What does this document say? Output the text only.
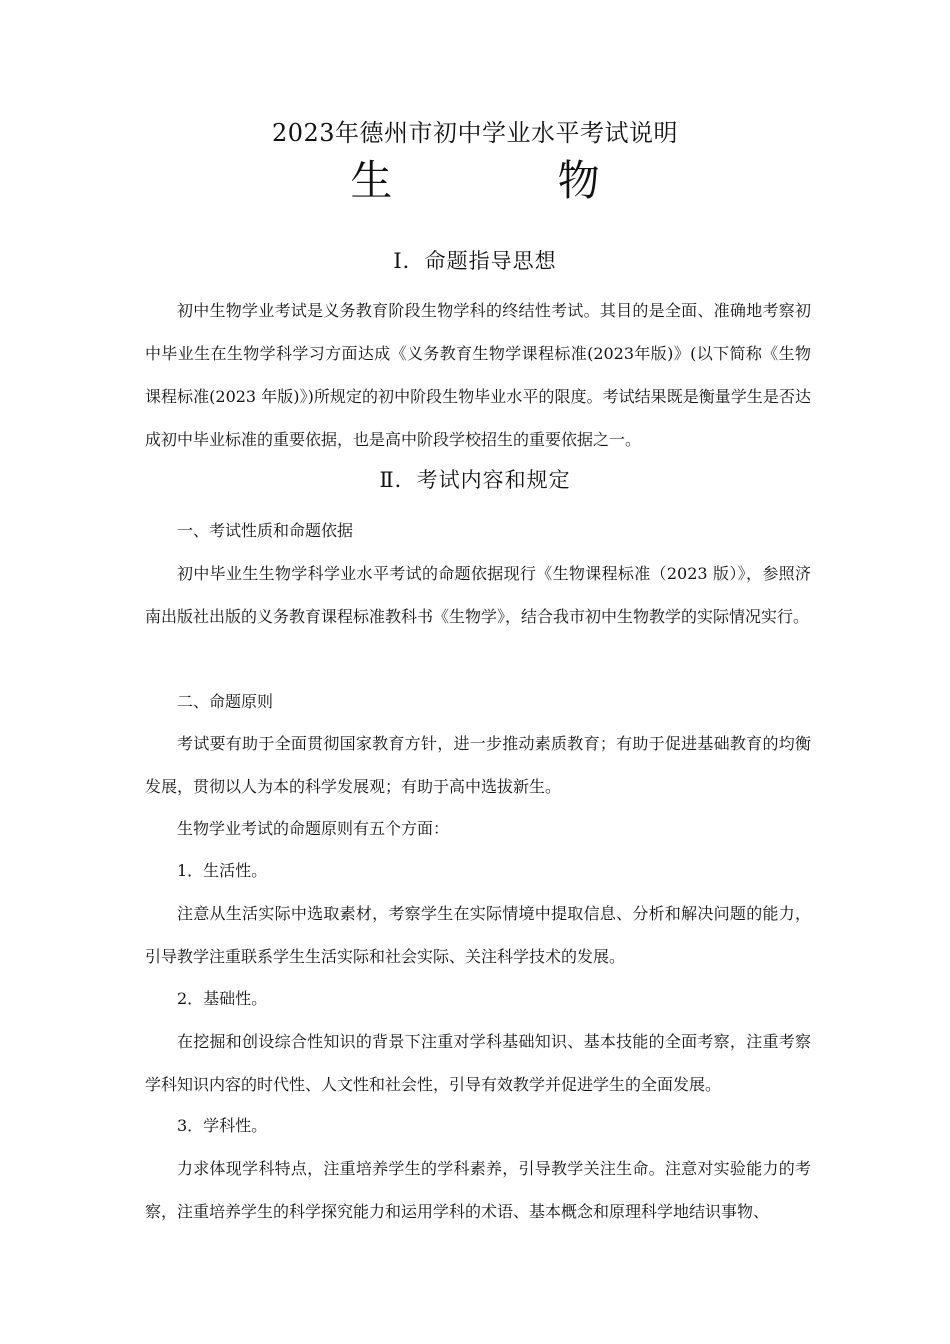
2023年德州市初中学业水平考试说明
生 物
Ⅰ．命题指导思想
初中生物学业考试是义务教育阶段生物学科的终结性考试。其目的是全面、准确地考察初中毕业生在生物学科学习方面达成《义务教育生物学课程标准(2023年版)》(以下简称《生物课程标准(2023 年版)》)所规定的初中阶段生物毕业水平的限度。考试结果既是衡量学生是否达成初中毕业标准的重要依据，也是高中阶段学校招生的重要依据之一。
Ⅱ．考试内容和规定
一、考试性质和命题依据
初中毕业生生物学科学业水平考试的命题依据现行《生物课程标准（2023 版）》，参照济南出版社出版的义务教育课程标准教科书《生物学》，结合我市初中生物教学的实际情况实行。
二、命题原则
考试要有助于全面贯彻国家教育方针，进一步推动素质教育；有助于促进基础教育的均衡发展，贯彻以人为本的科学发展观；有助于高中选拔新生。
生物学业考试的命题原则有五个方面：
1．生活性。
注意从生活实际中选取素材，考察学生在实际情境中提取信息、分析和解决问题的能力，引导教学注重联系学生生活实际和社会实际、关注科学技术的发展。
2．基础性。
在挖掘和创设综合性知识的背景下注重对学科基础知识、基本技能的全面考察，注重考察学科知识内容的时代性、人文性和社会性，引导有效教学并促进学生的全面发展。
3．学科性。
力求体现学科特点，注重培养学生的学科素养，引导教学关注生命。注意对实验能力的考察，注重培养学生的科学探究能力和运用学科的术语、基本概念和原理科学地结识事物、
